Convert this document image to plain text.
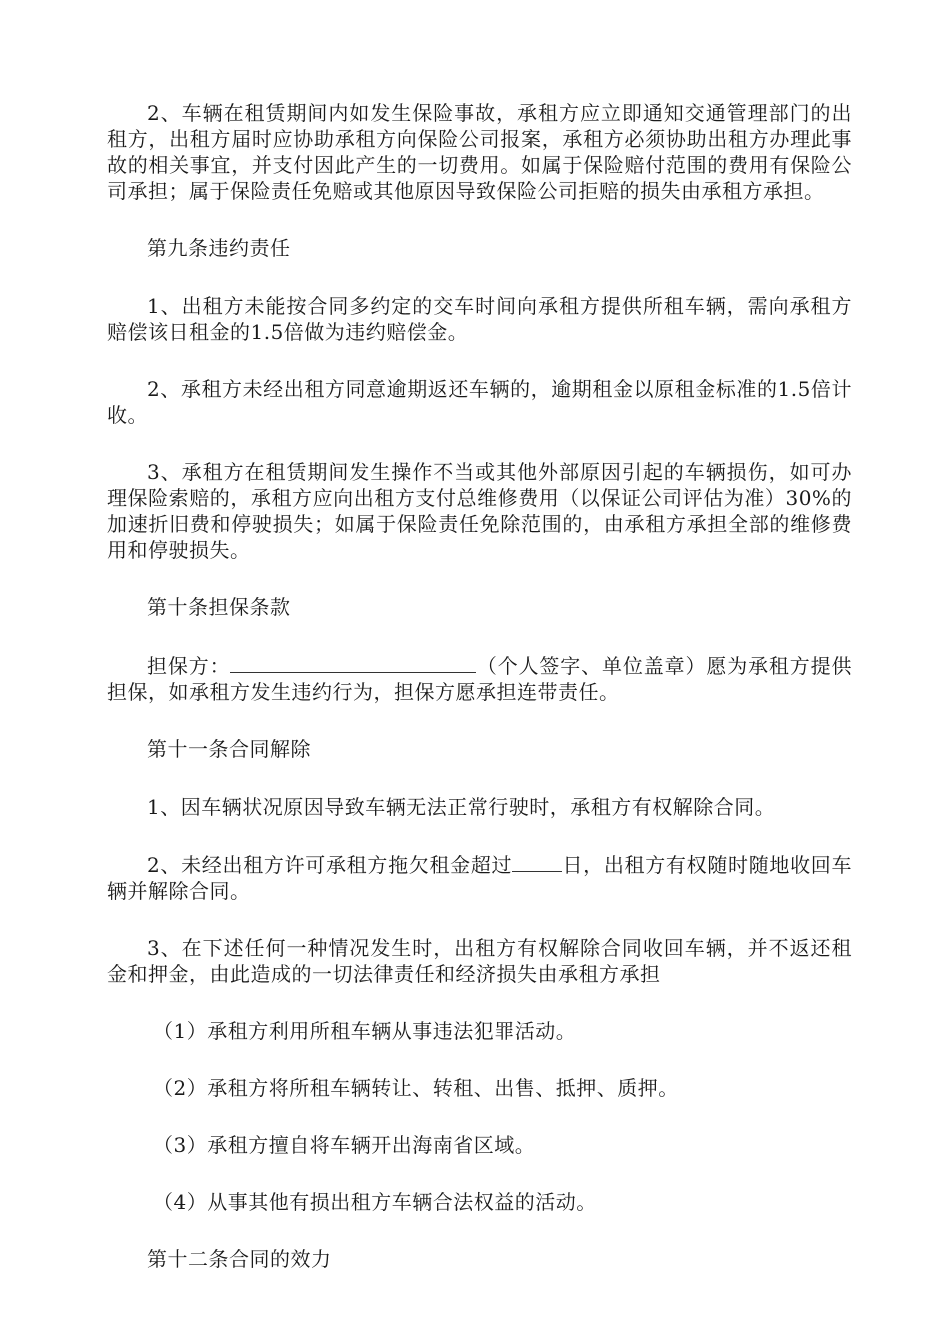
2、车辆在租赁期间内如发生保险事故，承租方应立即通知交通管理部门的出租方，出租方届时应协助承租方向保险公司报案，承租方必须协助出租方办理此事故的相关事宜，并支付因此产生的一切费用。如属于保险赔付范围的费用有保险公司承担；属于保险责任免赔或其他原因导致保险公司拒赔的损失由承租方承担。

第九条违约责任

1、出租方未能按合同多约定的交车时间向承租方提供所租车辆，需向承租方赔偿该日租金的1.5倍做为违约赔偿金。

2、承租方未经出租方同意逾期返还车辆的，逾期租金以原租金标准的1.5倍计收。

3、承租方在租赁期间发生操作不当或其他外部原因引起的车辆损伤，如可办理保险索赔的，承租方应向出租方支付总维修费用（以保证公司评估为准）30%的加速折旧费和停驶损失；如属于保险责任免除范围的，由承租方承担全部的维修费用和停驶损失。

第十条担保条款

担保方：	（个人签字、单位盖章）愿为承租方提供担保，如承租方发生违约行为，担保方愿承担连带责任。

第十一条合同解除

1、因车辆状况原因导致车辆无法正常行驶时，承租方有权解除合同。

2、未经出租方许可承租方拖欠租金超过	日，出租方有权随时随地收回车辆并解除合同。

3、在下述任何一种情况发生时，出租方有权解除合同收回车辆，并不返还租金和押金，由此造成的一切法律责任和经济损失由承租方承担

（1）承租方利用所租车辆从事违法犯罪活动。

（2）承租方将所租车辆转让、转租、出售、抵押、质押。

（3）承租方擅自将车辆开出海南省区域。

（4）从事其他有损出租方车辆合法权益的活动。

第十二条合同的效力
